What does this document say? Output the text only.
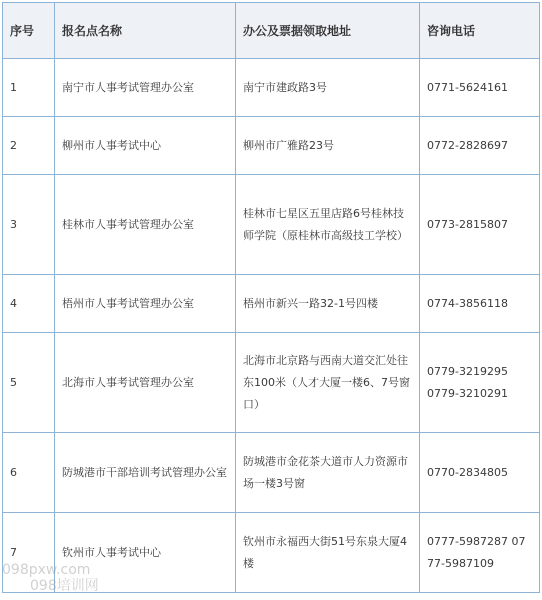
序号	报名点名称	办公及票据领取地址	咨询电话
1	南宁市人事考试管理办公室	南宁市建政路3号	0771-5624161

2	柳州市人事考试中心	柳州市广雅路23号	0772-2828697

3	桂林市人事考试管理办公室	桂林市七星区五里店路6号桂林技师学院（原桂林市高级技工学校）	0773-2815807

4	梧州市人事考试管理办公室	梧州市新兴一路32-1号四楼	0774-3856118

5	北海市人事考试管理办公室	北海市北京路与西南大道交汇处往东100米（人才大厦一楼6、7号窗口）	0779-3219295
0779-3210291

6	防城港市干部培训考试管理办公室	防城港市金花茶大道市人力资源市场一楼3号窗	0770-2834805

7	钦州市人事考试中心	钦州市永福西大街51号东泉大厦4楼	0777-5987287 0777-5987109
098pxw.com
098培训网
